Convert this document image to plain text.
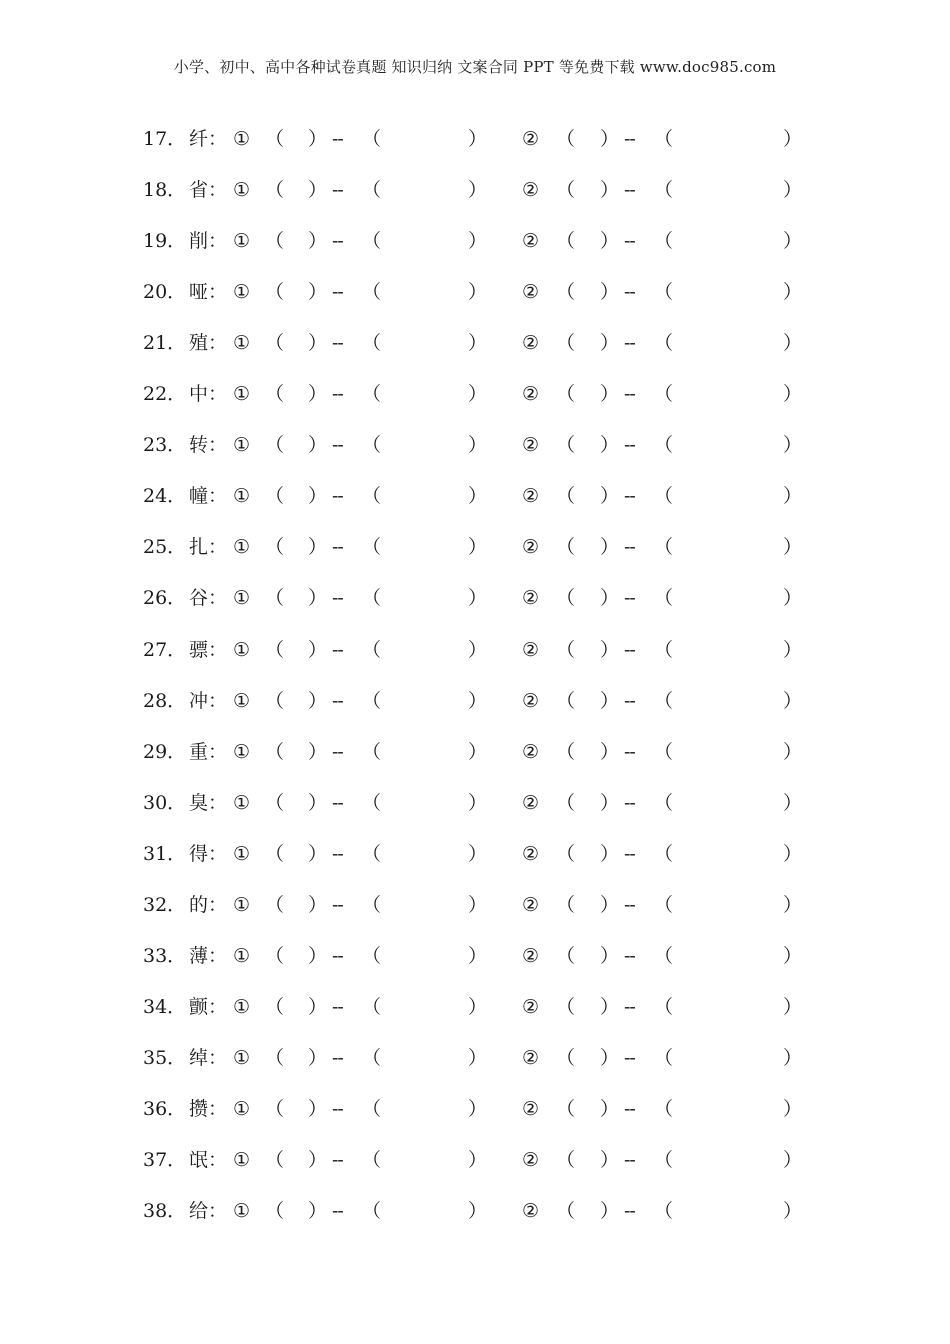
小学、初中、高中各种试卷真题 知识归纳 文案合同 PPT 等免费下载 www.doc985.com
17． 纤： ① （ ） -- （	） ② （ ） -- （	）
18． 省： ① （ ） -- （	） ② （ ） -- （	）
19． 削： ① （ ） -- （	） ② （ ） -- （	）
20． 哑： ① （ ） -- （	） ② （ ） -- （	）
21． 殖： ① （ ） -- （	） ② （ ） -- （	）
22． 中： ① （ ） -- （	） ② （ ） -- （	）
23． 转： ① （ ） -- （	） ② （ ） -- （	）
24． 幢： ① （ ） -- （	） ② （ ） -- （	）
25． 扎： ① （ ） -- （	） ② （ ） -- （	）
26． 谷： ① （ ） -- （	） ② （ ） -- （	）
27． 骠： ① （ ） -- （	） ② （ ） -- （	）
28． 冲： ① （ ） -- （	） ② （ ） -- （	）
29． 重： ① （ ） -- （	） ② （ ） -- （	）
30． 臭： ① （ ） -- （	） ② （ ） -- （	）
31． 得： ① （ ） -- （	） ② （ ） -- （	）
32． 的： ① （ ） -- （	） ② （ ） -- （	）
33． 薄： ① （ ） -- （	） ② （ ） -- （	）
34． 颤： ① （ ） -- （	） ② （ ） -- （	）
35． 绰： ① （ ） -- （	） ② （ ） -- （	）
36． 攒： ① （ ） -- （	） ② （ ） -- （	）
37． 氓： ① （ ） -- （	） ② （ ） -- （	）
38． 给： ① （ ） -- （	） ② （ ） -- （	）
